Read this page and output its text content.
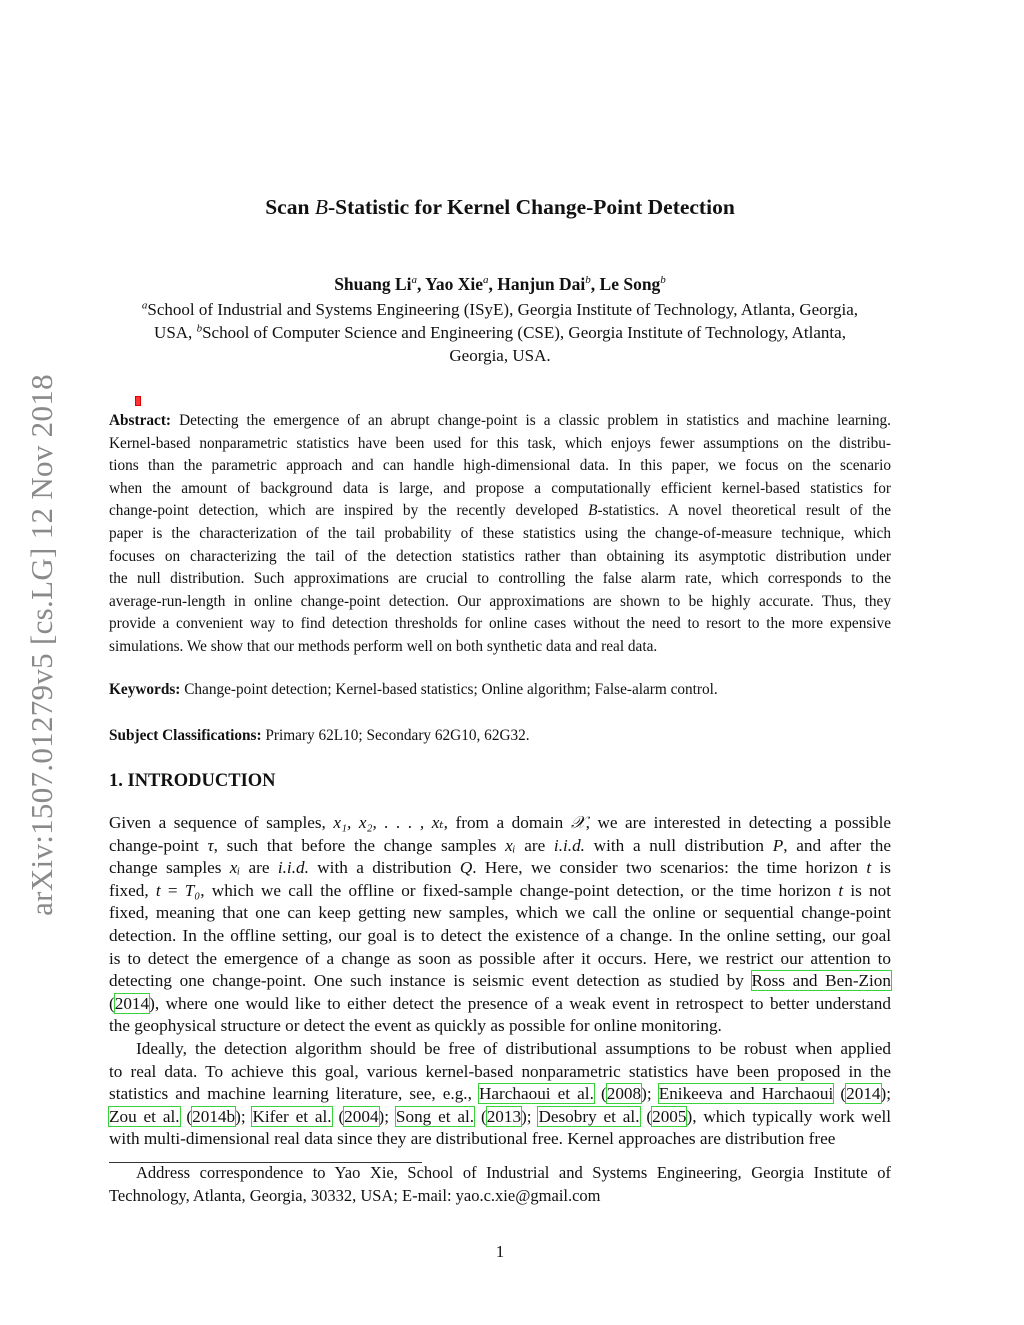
arXiv:1507.01279v5 [cs.LG] 12 Nov 2018
Scan B-Statistic for Kernel Change-Point Detection
Shuang Li$^a$, Yao Xie$^a$, Hanjun Dai$^b$, Le Song$^b$
$^a$School of Industrial and Systems Engineering (ISyE), Georgia Institute of Technology, Atlanta, Georgia,
USA, $^b$School of Computer Science and Engineering (CSE), Georgia Institute of Technology, Atlanta,
Georgia, USA.
Abstract: Detecting the emergence of an abrupt change-point is a classic problem in statistics and machine learning.
Kernel-based nonparametric statistics have been used for this task, which enjoys fewer assumptions on the distribu-
tions than the parametric approach and can handle high-dimensional data. In this paper, we focus on the scenario
when the amount of background data is large, and propose a computationally efficient kernel-based statistics for
change-point detection, which are inspired by the recently developed B-statistics. A novel theoretical result of the
paper is the characterization of the tail probability of these statistics using the change-of-measure technique, which
focuses on characterizing the tail of the detection statistics rather than obtaining its asymptotic distribution under
the null distribution. Such approximations are crucial to controlling the false alarm rate, which corresponds to the
average-run-length in online change-point detection. Our approximations are shown to be highly accurate. Thus, they
provide a convenient way to find detection thresholds for online cases without the need to resort to the more expensive
simulations. We show that our methods perform well on both synthetic data and real data.
Keywords: Change-point detection; Kernel-based statistics; Online algorithm; False-alarm control.
Subject Classifications: Primary 62L10; Secondary 62G10, 62G32.
1. INTRODUCTION
Given a sequence of samples, x₁, x₂, . . . , xₜ, from a domain 𝒳, we are interested in detecting a possible
change-point τ, such that before the change samples xᵢ are i.i.d. with a null distribution P, and after the
change samples xᵢ are i.i.d. with a distribution Q. Here, we consider two scenarios: the time horizon t is
fixed, t = T₀, which we call the offline or fixed-sample change-point detection, or the time horizon t is not
fixed, meaning that one can keep getting new samples, which we call the online or sequential change-point
detection. In the offline setting, our goal is to detect the existence of a change. In the online setting, our goal
is to detect the emergence of a change as soon as possible after it occurs. Here, we restrict our attention to
detecting one change-point. One such instance is seismic event detection as studied by Ross and Ben-Zion
(2014), where one would like to either detect the presence of a weak event in retrospect to better understand
the geophysical structure or detect the event as quickly as possible for online monitoring.
Ideally, the detection algorithm should be free of distributional assumptions to be robust when applied
to real data. To achieve this goal, various kernel-based nonparametric statistics have been proposed in the
statistics and machine learning literature, see, e.g., Harchaoui et al. (2008); Enikeeva and Harchaoui (2014);
Zou et al. (2014b); Kifer et al. (2004); Song et al. (2013); Desobry et al. (2005), which typically work well
with multi-dimensional real data since they are distributional free. Kernel approaches are distribution free
Address correspondence to Yao Xie, School of Industrial and Systems Engineering, Georgia Institute of
Technology, Atlanta, Georgia, 30332, USA; E-mail: yao.c.xie@gmail.com
1
